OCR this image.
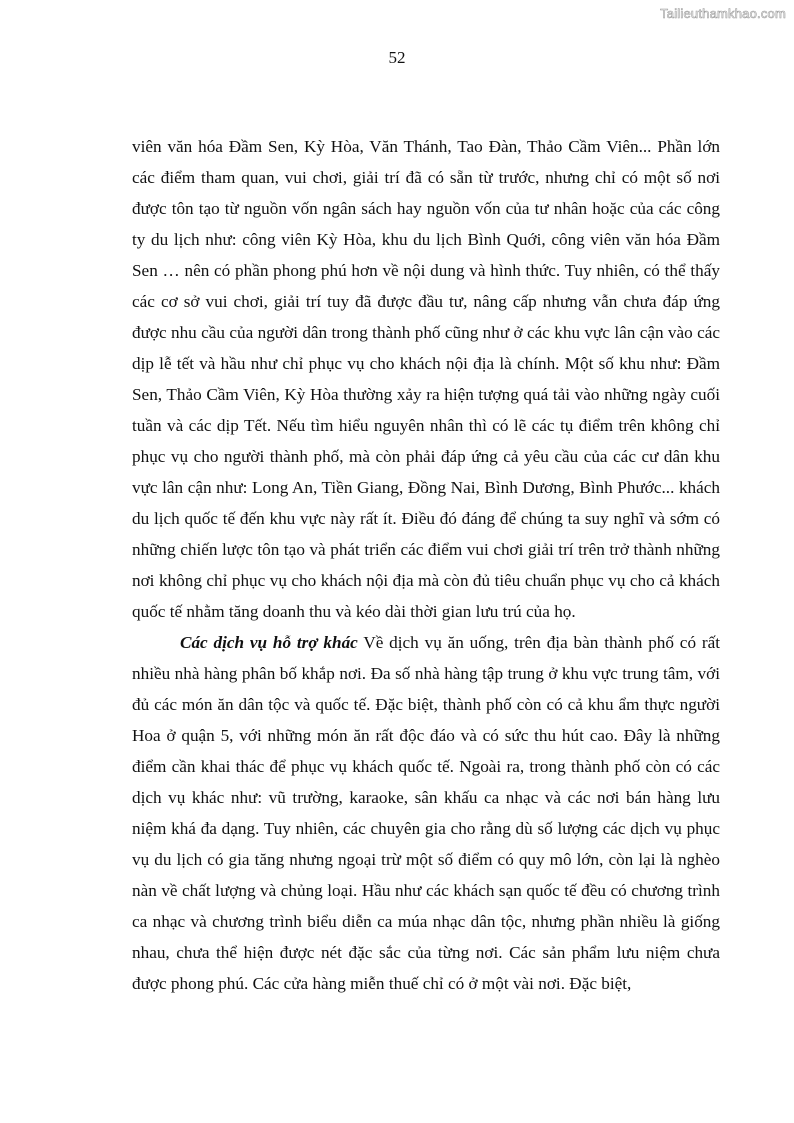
Tailieuthamkhao.com
52

viên văn hóa Đầm Sen, Kỳ Hòa, Văn Thánh, Tao Đàn, Thảo Cầm Viên... Phần lớn các điểm tham quan, vui chơi, giải trí đã có sẵn từ trước, nhưng chỉ có một số nơi được tôn tạo từ nguồn vốn ngân sách hay nguồn vốn của tư nhân hoặc của các công ty du lịch như: công viên Kỳ Hòa, khu du lịch Bình Quới, công viên văn hóa Đầm Sen … nên có phần phong phú hơn về nội dung và hình thức. Tuy nhiên, có thể thấy các cơ sở vui chơi, giải trí tuy đã được đầu tư, nâng cấp nhưng vẫn chưa đáp ứng được nhu cầu của người dân trong thành phố cũng như ở các khu vực lân cận vào các dịp lễ tết và hầu như chỉ phục vụ cho khách nội địa là chính. Một số khu như: Đầm Sen, Thảo Cầm Viên, Kỳ Hòa thường xảy ra hiện tượng quá tải vào những ngày cuối tuần và các dịp Tết. Nếu tìm hiểu nguyên nhân thì có lẽ các tụ điểm trên không chỉ phục vụ cho người thành phố, mà còn phải đáp ứng cả yêu cầu của các cư dân khu vực lân cận như: Long An, Tiền Giang, Đồng Nai, Bình Dương, Bình Phước... khách du lịch quốc tế đến khu vực này rất ít. Điều đó đáng để chúng ta suy nghĩ và sớm có những chiến lược tôn tạo và phát triển các điểm vui chơi giải trí trên trở thành những nơi không chỉ phục vụ cho khách nội địa mà còn đủ tiêu chuẩn phục vụ cho cả khách quốc tế nhằm tăng doanh thu và kéo dài thời gian lưu trú của họ.

Các dịch vụ hỗ trợ khác Về dịch vụ ăn uống, trên địa bàn thành phố có rất nhiều nhà hàng phân bố khắp nơi. Đa số nhà hàng tập trung ở khu vực trung tâm, với đủ các món ăn dân tộc và quốc tế. Đặc biệt, thành phố còn có cả khu ẩm thực người Hoa ở quận 5, với những món ăn rất độc đáo và có sức thu hút cao. Đây là những điểm cần khai thác để phục vụ khách quốc tế. Ngoài ra, trong thành phố còn có các dịch vụ khác như: vũ trường, karaoke, sân khấu ca nhạc và các nơi bán hàng lưu niệm khá đa dạng. Tuy nhiên, các chuyên gia cho rằng dù số lượng các dịch vụ phục vụ du lịch có gia tăng nhưng ngoại trừ một số điểm có quy mô lớn, còn lại là nghèo nàn về chất lượng và chủng loại. Hầu như các khách sạn quốc tế đều có chương trình ca nhạc và chương trình biểu diễn ca múa nhạc dân tộc, nhưng phần nhiều là giống nhau, chưa thể hiện được nét đặc sắc của từng nơi. Các sản phẩm lưu niệm chưa được phong phú. Các cửa hàng miễn thuế chỉ có ở một vài nơi. Đặc biệt,
